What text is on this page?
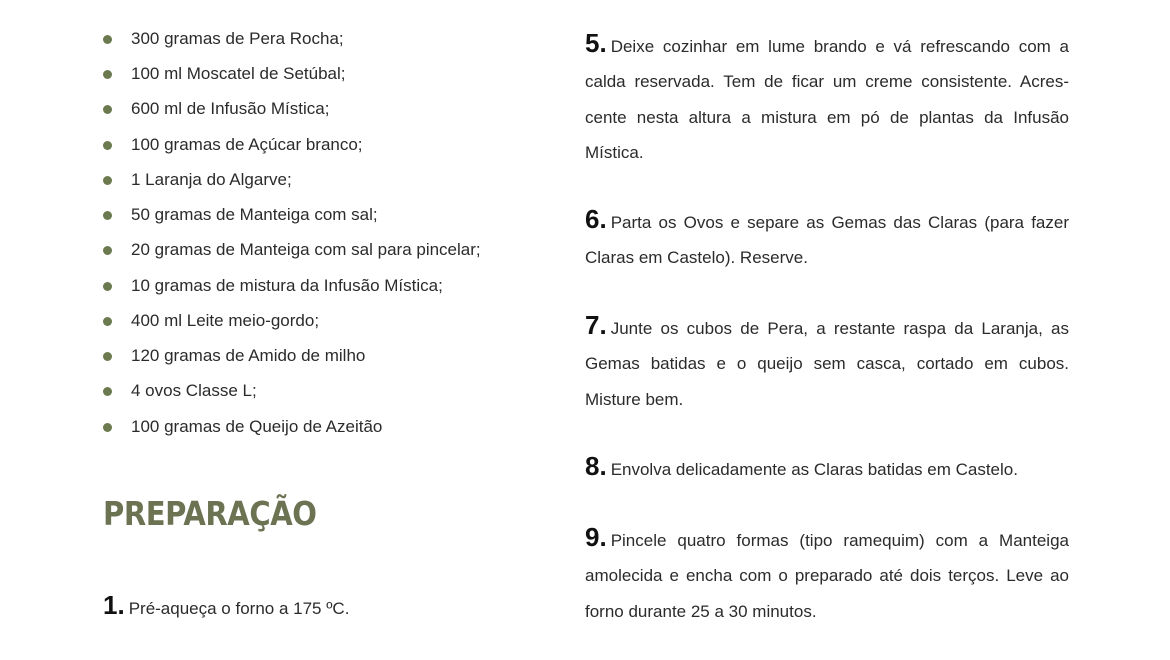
300 gramas de Pera Rocha;
100 ml Moscatel de Setúbal;
600 ml de Infusão Mística;
100 gramas de Açúcar branco;
1 Laranja do Algarve;
50 gramas de Manteiga com sal;
20 gramas de Manteiga com sal para pincelar;
10 gramas de mistura da Infusão Mística;
400 ml Leite meio-gordo;
120 gramas de Amido de milho
4 ovos Classe L;
100 gramas de Queijo de Azeitão
PREPARAÇÃO
1. Pré-aqueça o forno a 175 ºC.
5. Deixe cozinhar em lume brando e vá refrescando com a calda reservada. Tem de ficar um creme consistente. Acrescente nesta altura a mistura em pó de plantas da Infusão Mística.
6. Parta os Ovos e separe as Gemas das Claras (para fazer Claras em Castelo). Reserve.
7. Junte os cubos de Pera, a restante raspa da Laranja, as Gemas batidas e o queijo sem casca, cortado em cubos. Misture bem.
8. Envolva delicadamente as Claras batidas em Castelo.
9. Pincele quatro formas (tipo ramequim) com a Manteiga amolecida e encha com o preparado até dois terços. Leve ao forno durante 25 a 30 minutos.
